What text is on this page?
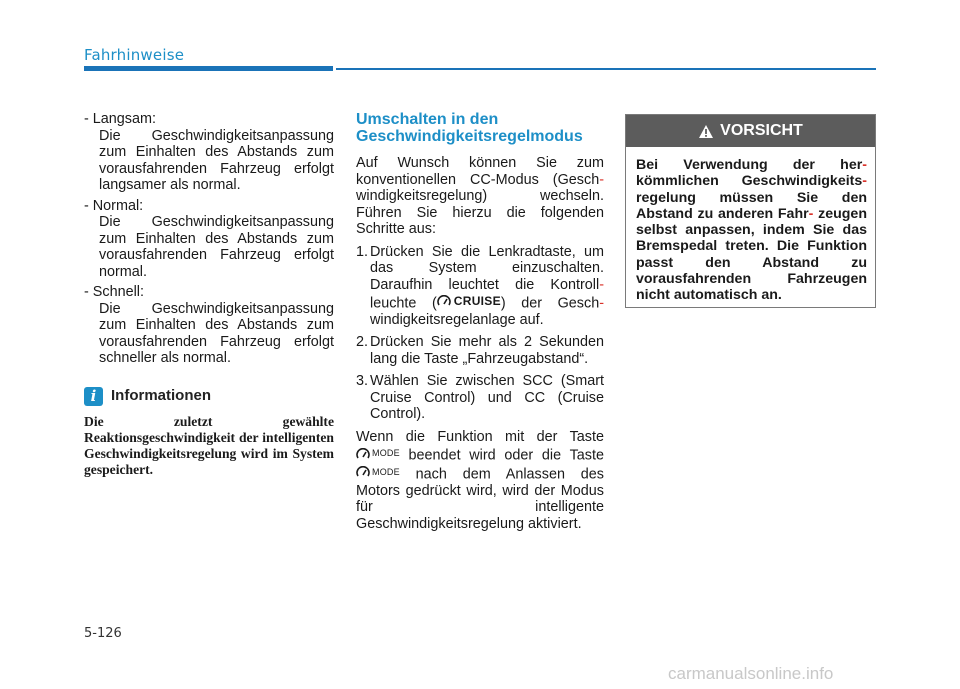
Fahrhinweise
- Langsam:
Die Geschwindigkeitsanpassung zum Einhalten des Abstands zum vorausfahrenden Fahrzeug erfolgt langsamer als normal.
- Normal:
Die Geschwindigkeitsanpassung zum Einhalten des Abstands zum vorausfahrenden Fahrzeug erfolgt normal.
- Schnell:
Die Geschwindigkeitsanpassung zum Einhalten des Abstands zum vorausfahrenden Fahrzeug erfolgt schneller als normal.
i Informationen
Die zuletzt gewählte Reaktionsgeschwindigkeit der intelligenten Geschwindigkeitsregelung wird im System gespeichert.
Umschalten in den
Geschwindigkeitsregelmodus

Auf Wunsch können Sie zum konventionellen CC-Modus (Gesch-windigkeitsregelung) wechseln. Führen Sie hierzu die folgenden Schritte aus:

1. Drücken Sie die Lenkradtaste, um das System einzuschalten. Daraufhin leuchtet die Kontroll-leuchte ( CRUISE ) der Gesch-windigkeitsregelanlage auf.
2. Drücken Sie mehr als 2 Sekunden lang die Taste „Fahrzeugabstand“.
3. Wählen Sie zwischen SCC (Smart Cruise Control) und CC (Cruise Control).

Wenn die Funktion mit der Taste
MODE beendet wird oder die Taste
MODE nach dem Anlassen des Motors gedrückt wird, wird der Modus für intelligente Geschwindigkeitsregelung aktiviert.

VORSICHT
Bei Verwendung der her- kömmlichen Geschwindigkeits- regelung müssen Sie den Abstand zu anderen Fahr- zeugen selbst anpassen, indem Sie das Bremspedal treten. Die Funktion passt den Abstand zu vorausfahrenden Fahrzeugen nicht automatisch an.
5-126
carmanualsonline.info
